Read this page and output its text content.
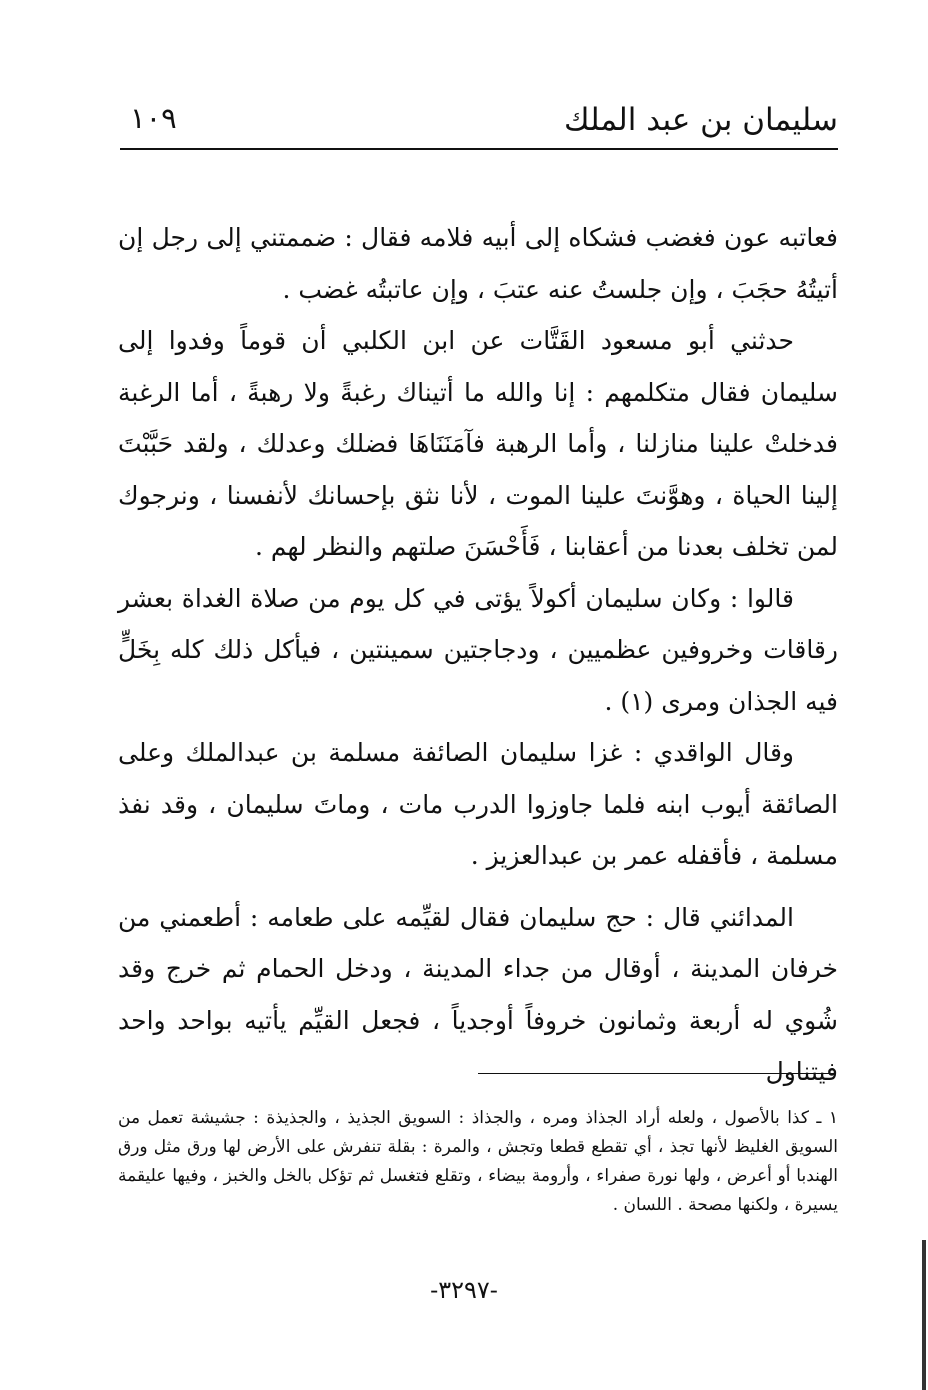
سليمان بن عبد الملك
١٠٩

فعاتبه عون فغضب فشكاه إلى أبيه فلامه فقال : ضممتني إلى رجل إن أتيتُهُ حجَبَ ، وإن جلستُ عنه عتبَ ، وإن عاتبتُه غضب .

حدثني أبو مسعود القَتَّات عن ابن الكلبي أن قوماً وفدوا إلى سليمان فقال متكلمهم : إنا والله ما أتيناك رغبةً ولا رهبةً ، أما الرغبة فدخلتْ علينا منازلنا ، وأما الرهبة فآمَنَنَاهَا فضلك وعدلك ، ولقد حَبَّبْتَ إلينا الحياة ، وهوَّنتَ علينا الموت ، لأنا نثق بإحسانك لأنفسنا ، ونرجوك لمن تخلف بعدنا من أعقابنا ، فَأَحْسَنَ صلتهم والنظر لهم .

قالوا : وكان سليمان أكولاً يؤتى في كل يوم من صلاة الغداة بعشر رقاقات وخروفين عظميين ، ودجاجتين سمينتين ، فيأكل ذلك كله بِخَلٍّ فيه الجذان ومرى (١) .

وقال الواقدي : غزا سليمان الصائفة مسلمة بن عبدالملك وعلى الصائقة أيوب ابنه فلما جاوزوا الدرب مات ، وماتَ سليمان ، وقد نفذ مسلمة ، فأقفله عمر بن عبدالعزيز .

المدائني قال : حج سليمان فقال لقيِّمه على طعامه : أطعمني من خرفان المدينة ، أوقال من جداء المدينة ، ودخل الحمام ثم خرج وقد شُوي له أربعة وثمانون خروفاً أوجدياً ، فجعل القيِّم يأتيه بواحد واحد فيتناول

١ ـ كذا بالأصول ، ولعله أراد الجذاذ ومره ، والجذاذ : السويق الجذيذ ، والجذيذة : جشيشة تعمل من السويق الغليظ لأنها تجذ ، أي تقطع قطعا وتجش ، والمرة : بقلة تنفرش على الأرض لها ورق مثل ورق الهندبا أو أعرض ، ولها نورة صفراء ، وأرومة بيضاء ، وتقلع فتغسل ثم تؤكل بالخل والخبز ، وفيها عليقمة يسيرة ، ولكنها مصحة . اللسان .
-٣٢٩٧-
